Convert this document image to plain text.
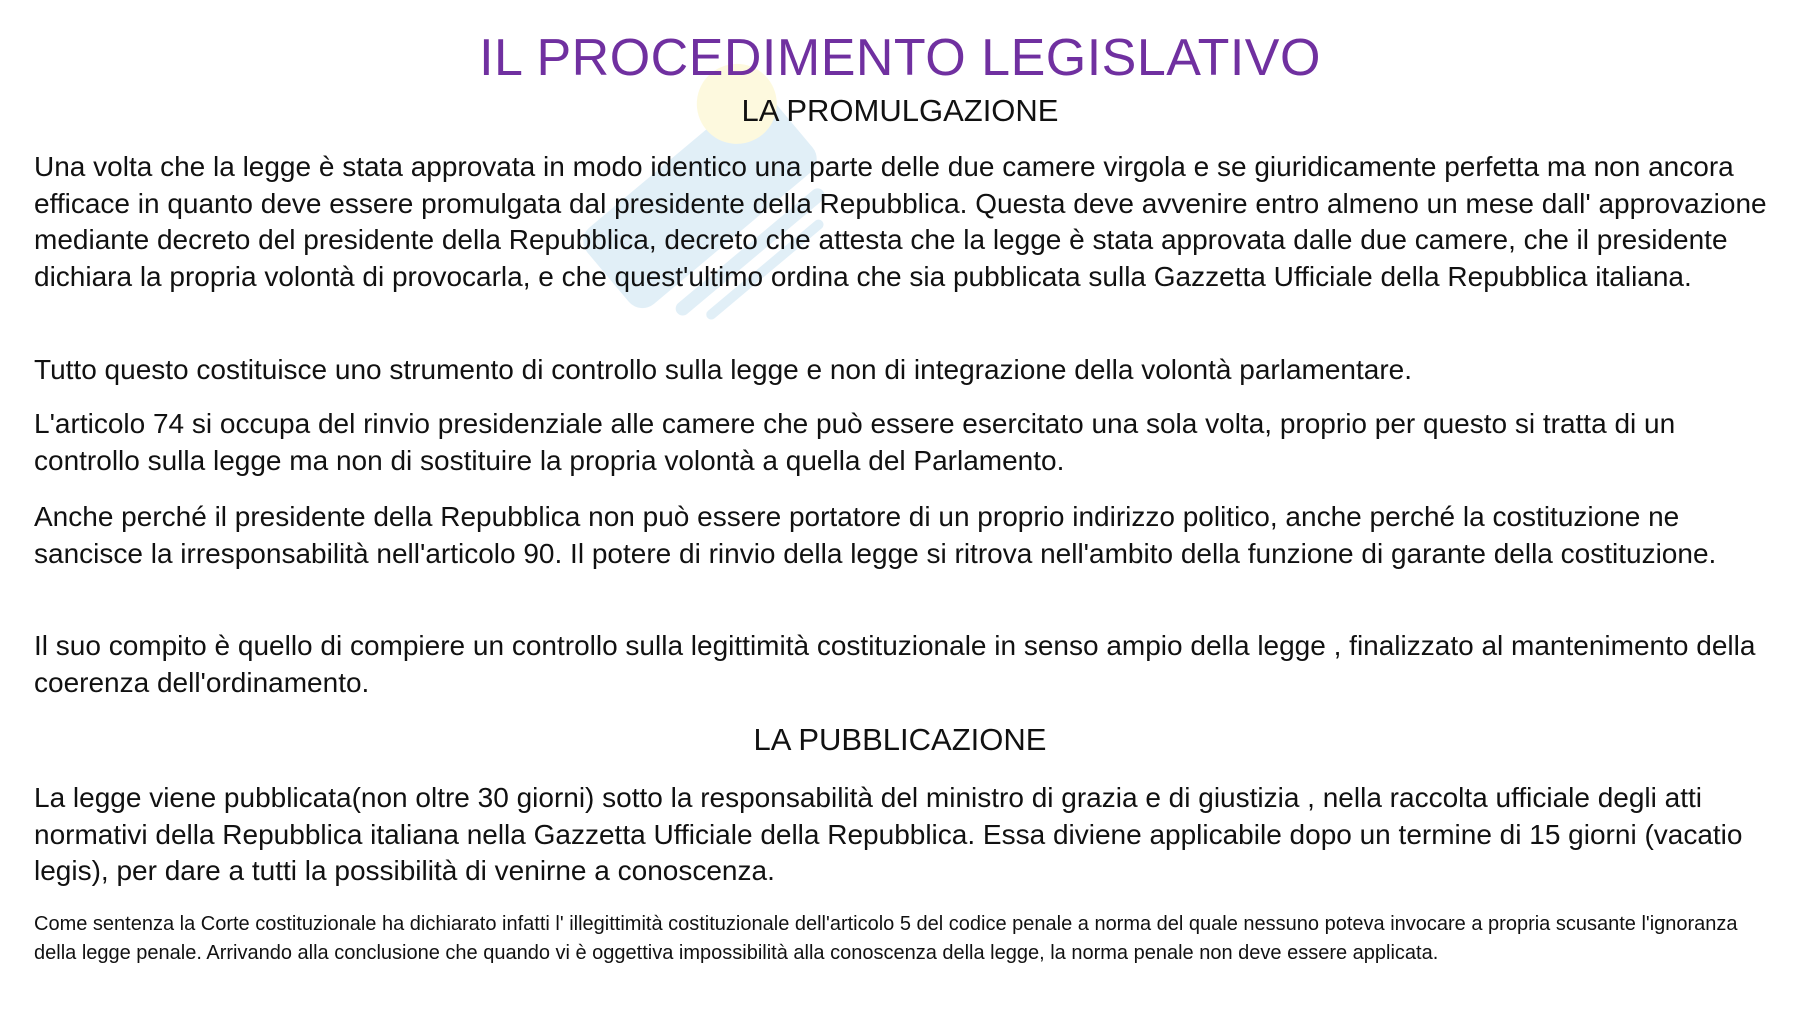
IL PROCEDIMENTO LEGISLATIVO
LA PROMULGAZIONE

Una volta che la legge è stata approvata in modo identico una parte delle due camere virgola e se giuridicamente perfetta ma non ancora efficace in quanto deve essere promulgata dal presidente della Repubblica. Questa deve avvenire entro almeno un mese dall' approvazione mediante decreto del presidente della Repubblica, decreto che attesta che la legge è stata approvata dalle due camere, che il presidente dichiara la propria volontà di provocarla, e che quest'ultimo ordina che sia pubblicata sulla Gazzetta Ufficiale della Repubblica italiana.

Tutto questo costituisce uno strumento di controllo sulla legge e non di integrazione della volontà parlamentare.

L'articolo 74 si occupa del rinvio presidenziale alle camere che può essere esercitato una sola volta, proprio per questo si tratta di un controllo sulla legge ma non di sostituire la propria volontà a quella del Parlamento.

Anche perché il presidente della Repubblica non può essere portatore di un proprio indirizzo politico, anche perché la costituzione ne sancisce la irresponsabilità nell'articolo 90. Il potere di rinvio della legge si ritrova nell'ambito della funzione di garante della costituzione.

Il suo compito è quello di compiere un controllo sulla legittimità costituzionale in senso ampio della legge , finalizzato al mantenimento della coerenza dell'ordinamento.

LA PUBBLICAZIONE

La legge viene pubblicata(non oltre 30 giorni) sotto la responsabilità del ministro di grazia e di giustizia , nella raccolta ufficiale degli atti normativi della Repubblica italiana nella Gazzetta Ufficiale della Repubblica. Essa diviene applicabile dopo un termine di 15 giorni (vacatio legis), per dare a tutti la possibilità di venirne a conoscenza.

Come sentenza la Corte costituzionale ha dichiarato infatti l' illegittimità costituzionale dell'articolo 5 del codice penale a norma del quale nessuno poteva invocare a propria scusante l'ignoranza della legge penale. Arrivando alla conclusione che quando vi è oggettiva impossibilità alla conoscenza della legge, la norma penale non deve essere applicata.
